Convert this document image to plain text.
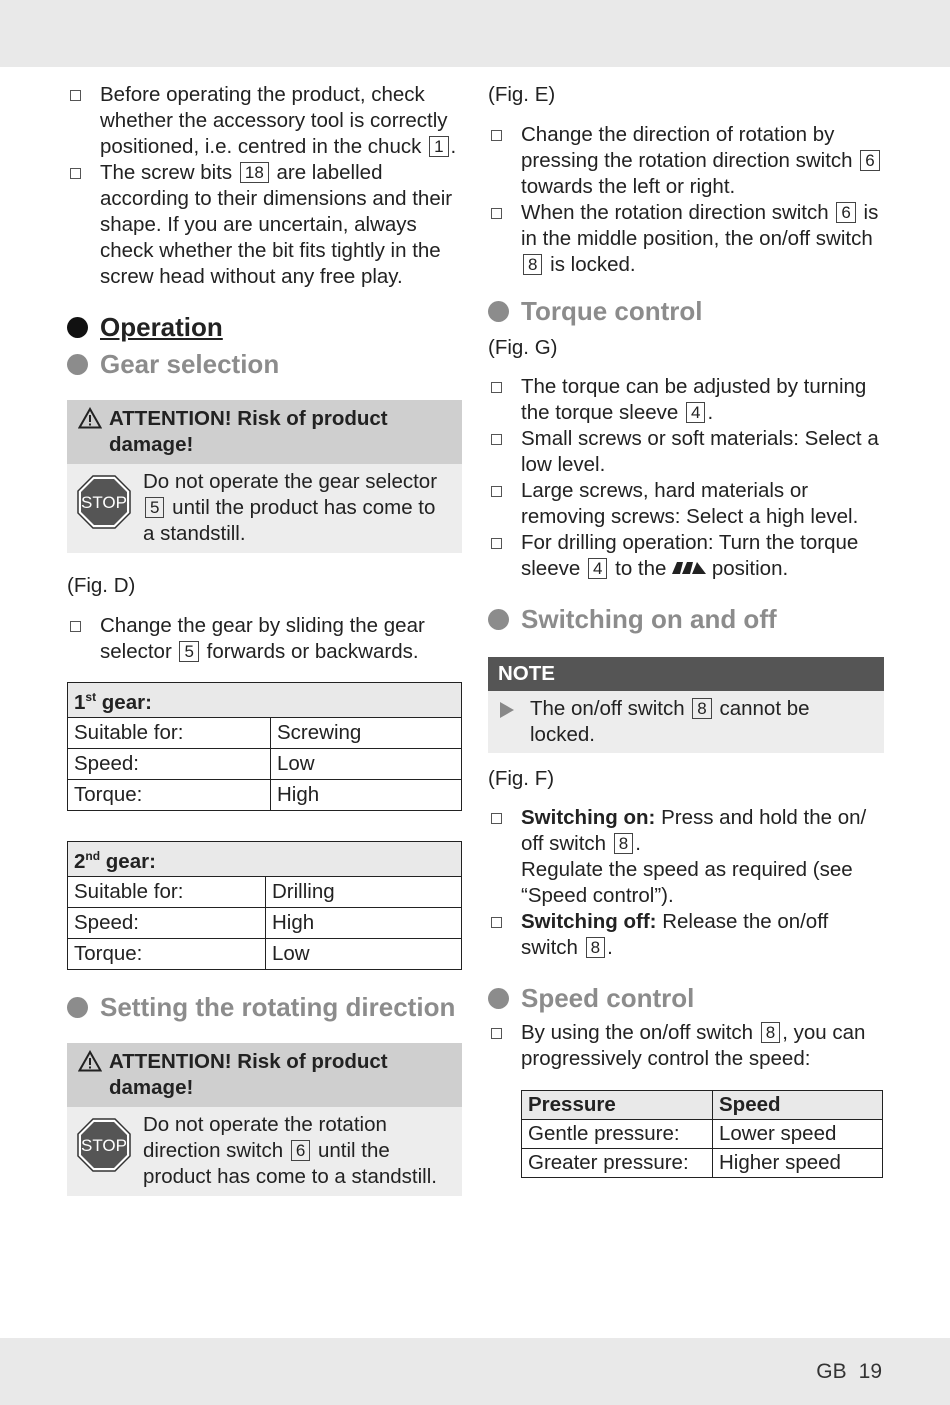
Before operating the product, check whether the accessory tool is correctly positioned, i.e. centred in the chuck 1 .
The screw bits 18 are labelled according to their dimensions and their shape. If you are uncertain, always check whether the bit fits tightly in the screw head without any free play.
Operation
Gear selection
ATTENTION! Risk of product damage!
STOP
Do not operate the gear selector 5 until the product has come to a standstill.

(Fig. D)

Change the gear by sliding the gear selector 5 forwards or backwards.
1st gear:	
Suitable for:	Screwing
Speed:	Low
Torque:	High
2nd gear:	
Suitable for:	Drilling
Speed:	High
Torque:	Low
Setting the rotating direction
ATTENTION! Risk of product damage!
STOP
Do not operate the rotation direction switch 6 until the product has come to a standstill.

(Fig. E)

Change the direction of rotation by pressing the rotation direction switch 6 towards the left or right.
When the rotation direction switch 6 is in the middle position, the on/off switch 8 is locked.
Torque control

(Fig. G)

The torque can be adjusted by turning the torque sleeve 4 .
Small screws or soft materials: Select a low level.
Large screws, hard materials or removing screws: Select a high level.
For drilling operation: Turn the torque sleeve 4 to the  position.
Switching on and off
NOTE
The on/off switch 8 cannot be locked.

(Fig. F)

Switching on: Press and hold the on/ off switch 8 .
Regulate the speed as required (see “Speed control”).
Switching off: Release the on/off switch 8 .
Speed control
By using the on/off switch 8 , you can progressively control the speed:
Pressure	Speed
Gentle pressure:	Lower speed
Greater pressure:	Higher speed
GB 19
